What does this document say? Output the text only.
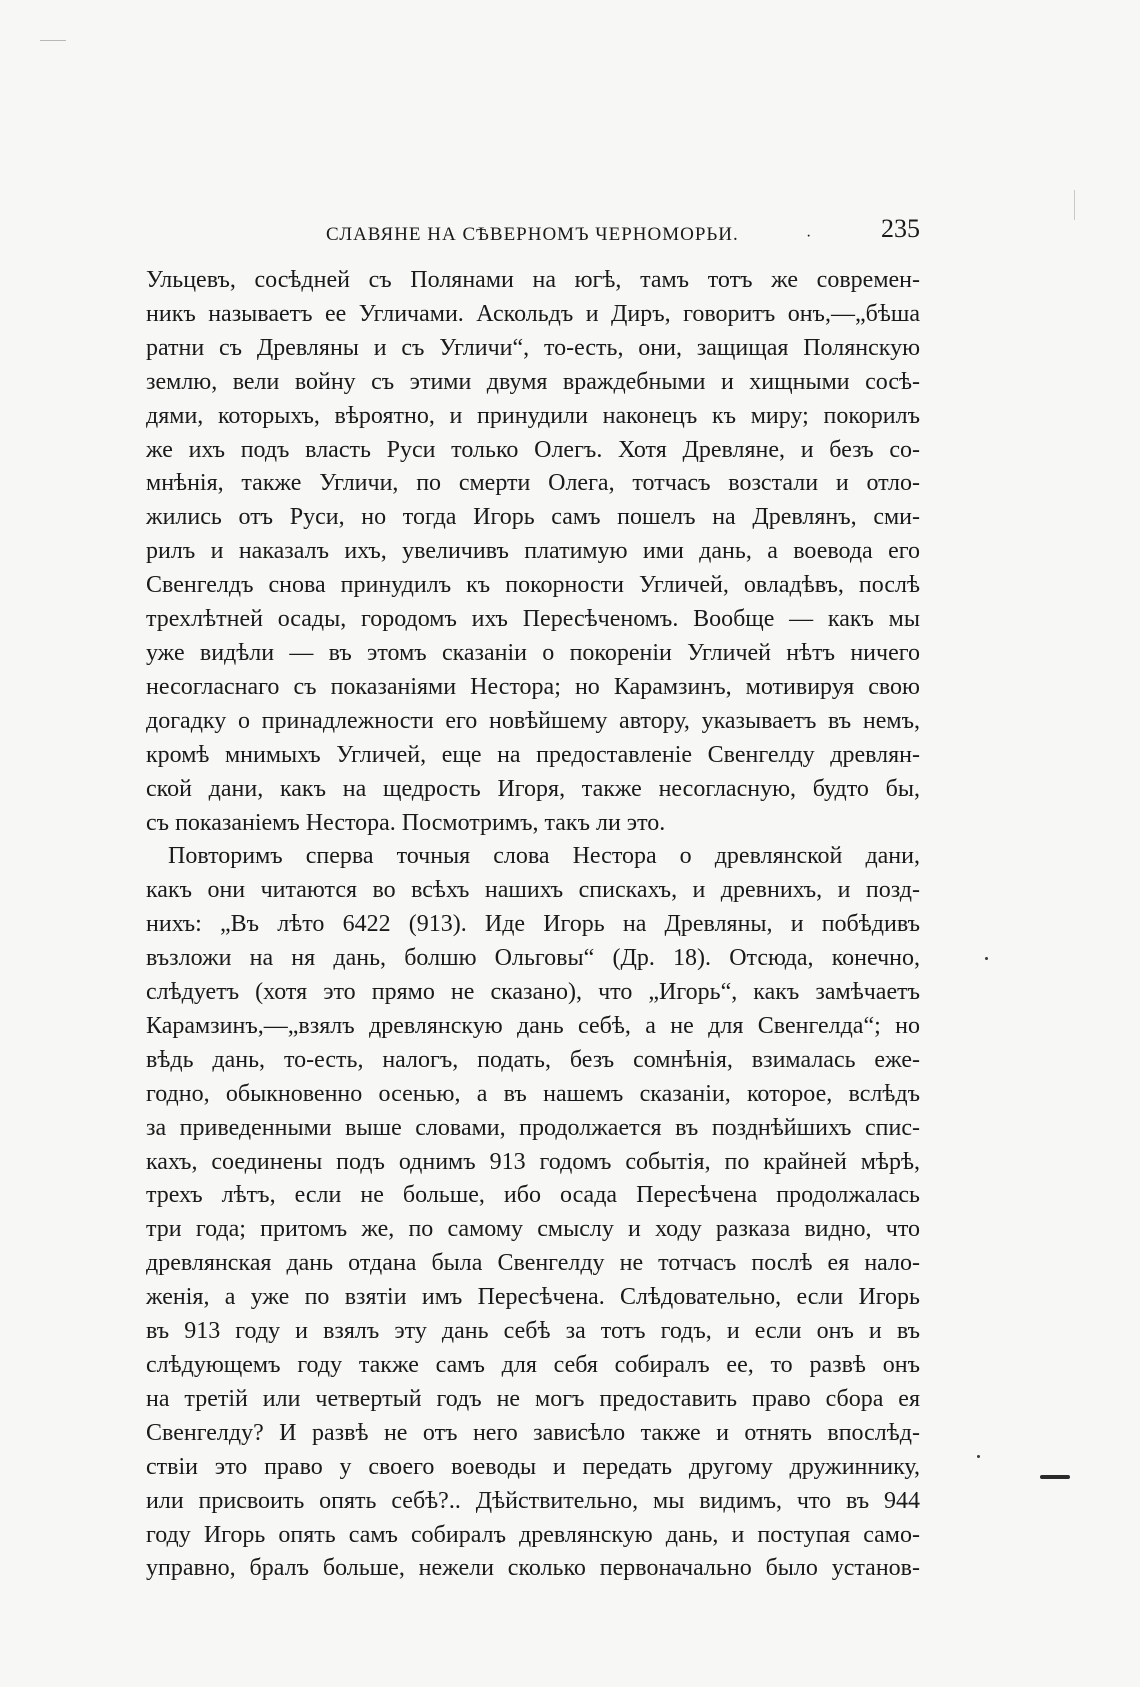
СЛАВЯНЕ НА СѢВЕРНОМЪ ЧЕРНОМОРЬИ.	·	235
Ульцевъ, сосѣдней съ Полянами на югѣ, тамъ тотъ же современ-
никъ называетъ ее Угличами. Аскольдъ и Диръ, говоритъ онъ,—„бѣша
ратни съ Древляны и съ Угличи“, то-есть, они, защищая Полянскую
землю, вели войну съ этими двумя враждебными и хищными сосѣ-
дями, которыхъ, вѣроятно, и принудили наконецъ къ миру; покорилъ
же ихъ подъ власть Руси только Олегъ. Хотя Древляне, и безъ со-
мнѣнія, также Угличи, по смерти Олега, тотчасъ возстали и отло-
жились отъ Руси, но тогда Игорь самъ пошелъ на Древлянъ, сми-
рилъ и наказалъ ихъ, увеличивъ платимую ими дань, а воевода его
Свенгелдъ снова принудилъ къ покорности Угличей, овладѣвъ, послѣ
трехлѣтней осады, городомъ ихъ Пересѣченомъ. Вообще — какъ мы
уже видѣли — въ этомъ сказаніи о покореніи Угличей нѣтъ ничего
несогласнаго съ показаніями Нестора; но Карамзинъ, мотивируя свою
догадку о принадлежности его новѣйшему автору, указываетъ въ немъ,
кромѣ мнимыхъ Угличей, еще на предоставленіе Свенгелду древлян-
ской дани, какъ на щедрость Игоря, также несогласную, будто бы,
съ показаніемъ Нестора. Посмотримъ, такъ ли это.
Повторимъ сперва точныя слова Нестора о древлянской дани,
какъ они читаются во всѣхъ нашихъ спискахъ, и древнихъ, и позд-
нихъ: „Въ лѣто 6422 (913). Иде Игорь на Древляны, и побѣдивъ
възложи на ня дань, болшю Ольговы“ (Др. 18). Отсюда, конечно,
слѣдуетъ (хотя это прямо не сказано), что „Игорь“, какъ замѣчаетъ
Карамзинъ,—„взялъ древлянскую дань себѣ, а не для Свенгелда“; но
вѣдь дань, то-есть, налогъ, подать, безъ сомнѣнія, взималась еже-
годно, обыкновенно осенью, а въ нашемъ сказаніи, которое, вслѣдъ
за приведенными выше словами, продолжается въ позднѣйшихъ спис-
кахъ, соединены подъ однимъ 913 годомъ событія, по крайней мѣрѣ,
трехъ лѣтъ, если не больше, ибо осада Пересѣчена продолжалась
три года; притомъ же, по самому смыслу и ходу разказа видно, что
древлянская дань отдана была Свенгелду не тотчасъ послѣ ея нало-
женія, а уже по взятіи имъ Пересѣчена. Слѣдовательно, если Игорь
въ 913 году и взялъ эту дань себѣ за тотъ годъ, и если онъ и въ
слѣдующемъ году также самъ для себя собиралъ ее, то развѣ онъ
на третій или четвертый годъ не могъ предоставить право сбора ея
Свенгелду? И развѣ не отъ него зависѣло также и отнять впослѣд-
ствіи это право у своего воеводы и передать другому дружиннику,
или присвоить опять себѣ?.. Дѣйствительно, мы видимъ, что въ 944
году Игорь опять самъ собиралъ древлянскую дань, и поступая само-
управно, бралъ больше, нежели сколько первоначально было установ-
